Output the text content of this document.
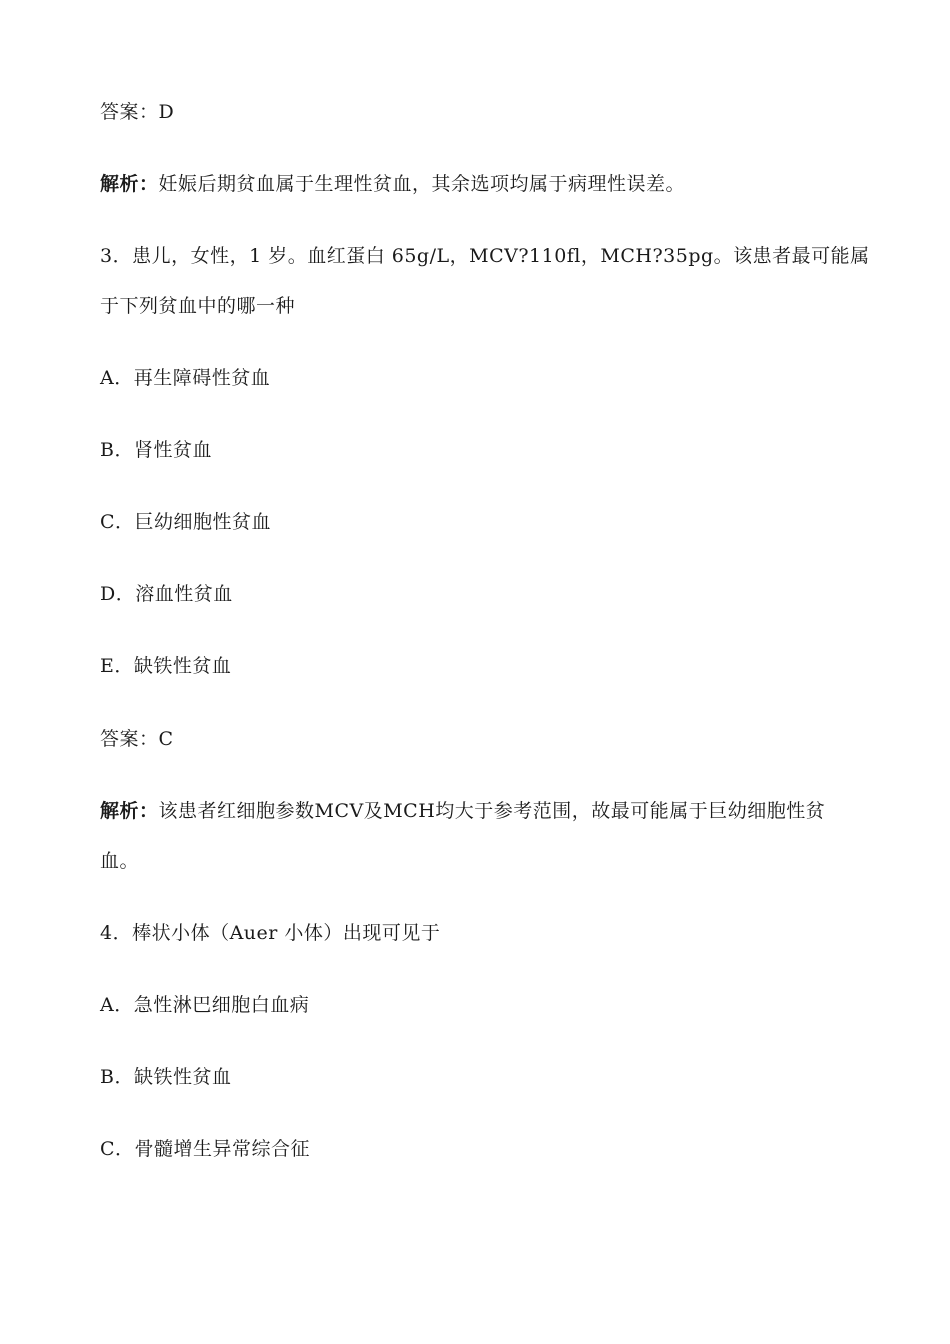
答案：D
解析：妊娠后期贫血属于生理性贫血，其余选项均属于病理性误差。
3．患儿，女性，1 岁。血红蛋白 65g/L，MCV?110fl，MCH?35pg。该患者最可能属
于下列贫血中的哪一种
A．再生障碍性贫血
B．肾性贫血
C．巨幼细胞性贫血
D．溶血性贫血
E．缺铁性贫血
答案：C
解析：该患者红细胞参数MCV及MCH均大于参考范围，故最可能属于巨幼细胞性贫
血。
4．棒状小体（Auer 小体）出现可见于
A．急性淋巴细胞白血病
B．缺铁性贫血
C．骨髓增生异常综合征
